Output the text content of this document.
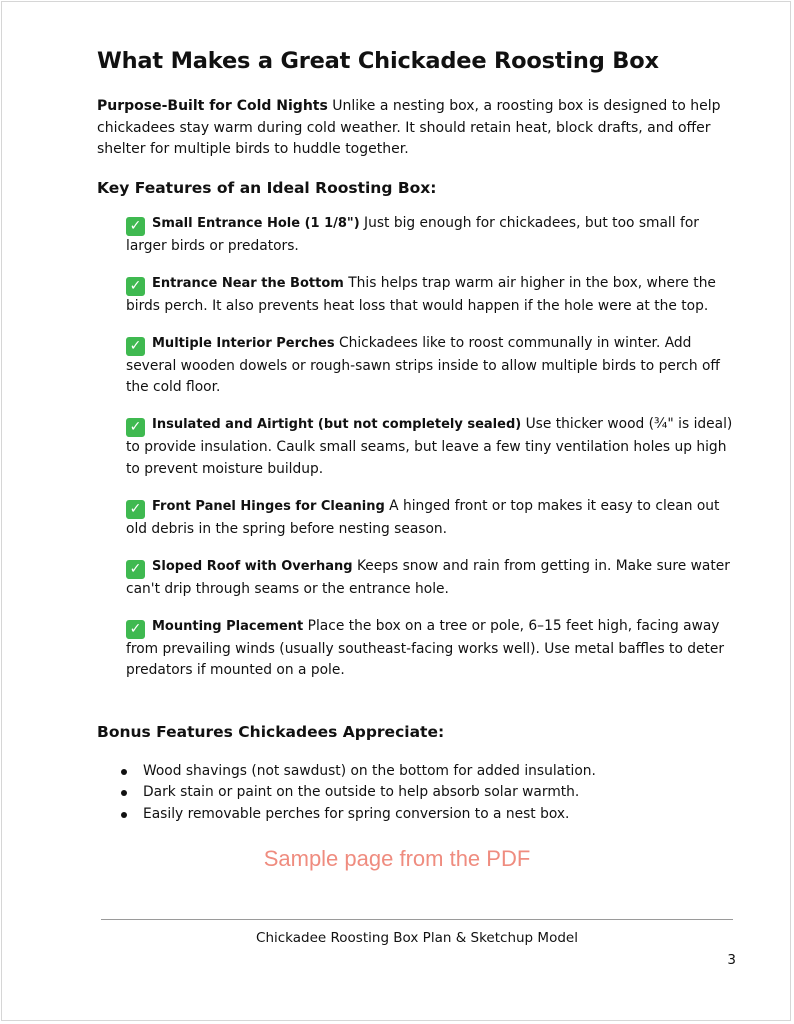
What Makes a Great Chickadee Roosting Box

Purpose-Built for Cold Nights Unlike a nesting box, a roosting box is designed to help chickadees stay warm during cold weather. It should retain heat, block drafts, and offer shelter for multiple birds to huddle together.

Key Features of an Ideal Roosting Box:
✓ Small Entrance Hole (1 1/8") Just big enough for chickadees, but too small for larger birds or predators.
✓ Entrance Near the Bottom This helps trap warm air higher in the box, where the birds perch. It also prevents heat loss that would happen if the hole were at the top.
✓ Multiple Interior Perches Chickadees like to roost communally in winter. Add several wooden dowels or rough-sawn strips inside to allow multiple birds to perch off the cold floor.
✓ Insulated and Airtight (but not completely sealed) Use thicker wood (¾" is ideal) to provide insulation. Caulk small seams, but leave a few tiny ventilation holes up high to prevent moisture buildup.
✓ Front Panel Hinges for Cleaning A hinged front or top makes it easy to clean out old debris in the spring before nesting season.
✓ Sloped Roof with Overhang Keeps snow and rain from getting in. Make sure water can't drip through seams or the entrance hole.
✓ Mounting Placement Place the box on a tree or pole, 6–15 feet high, facing away from prevailing winds (usually southeast-facing works well). Use metal baffles to deter predators if mounted on a pole.
Bonus Features Chickadees Appreciate:
Wood shavings (not sawdust) on the bottom for added insulation.
Dark stain or paint on the outside to help absorb solar warmth.
Easily removable perches for spring conversion to a nest box.
Sample page from the PDF
Chickadee Roosting Box Plan & Sketchup Model
3
